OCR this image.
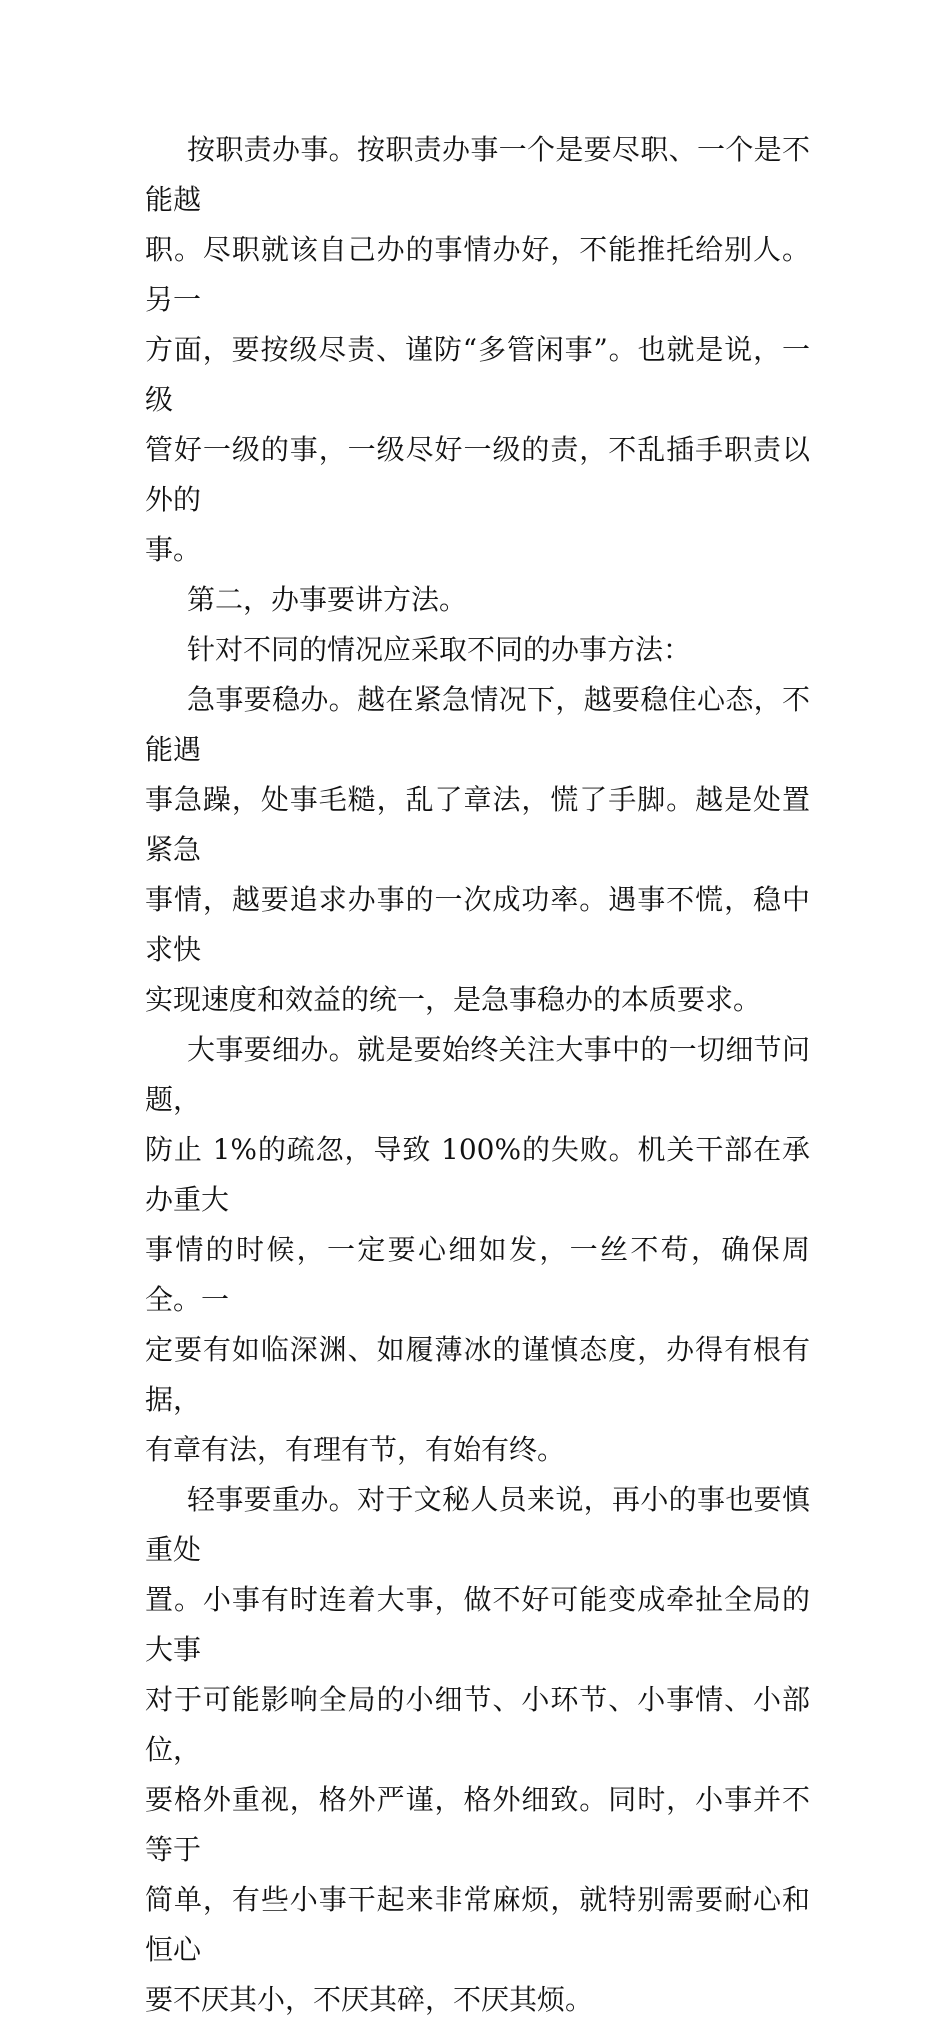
按职责办事。按职责办事一个是要尽职、一个是不能越
职。尽职就该自己办的事情办好，不能推托给别人。另一
方面，要按级尽责、谨防“多管闲事”。也就是说，一级
管好一级的事，一级尽好一级的责，不乱插手职责以外的
事。

第二，办事要讲方法。

针对不同的情况应采取不同的办事方法：

急事要稳办。越在紧急情况下，越要稳住心态，不能遇
事急躁，处事毛糙，乱了章法，慌了手脚。越是处置紧急
事情，越要追求办事的一次成功率。遇事不慌，稳中求快
实现速度和效益的统一，是急事稳办的本质要求。

大事要细办。就是要始终关注大事中的一切细节问题，
防止 1%的疏忽，导致 100%的失败。机关干部在承办重大
事情的时候，一定要心细如发，一丝不苟，确保周全。一
定要有如临深渊、如履薄冰的谨慎态度，办得有根有据，
有章有法，有理有节，有始有终。

轻事要重办。对于文秘人员来说，再小的事也要慎重处
置。小事有时连着大事，做不好可能变成牵扯全局的大事
对于可能影响全局的小细节、小环节、小事情、小部位，
要格外重视，格外严谨，格外细致。同时，小事并不等于
简单，有些小事干起来非常麻烦，就特别需要耐心和恒心
要不厌其小，不厌其碎，不厌其烦。
